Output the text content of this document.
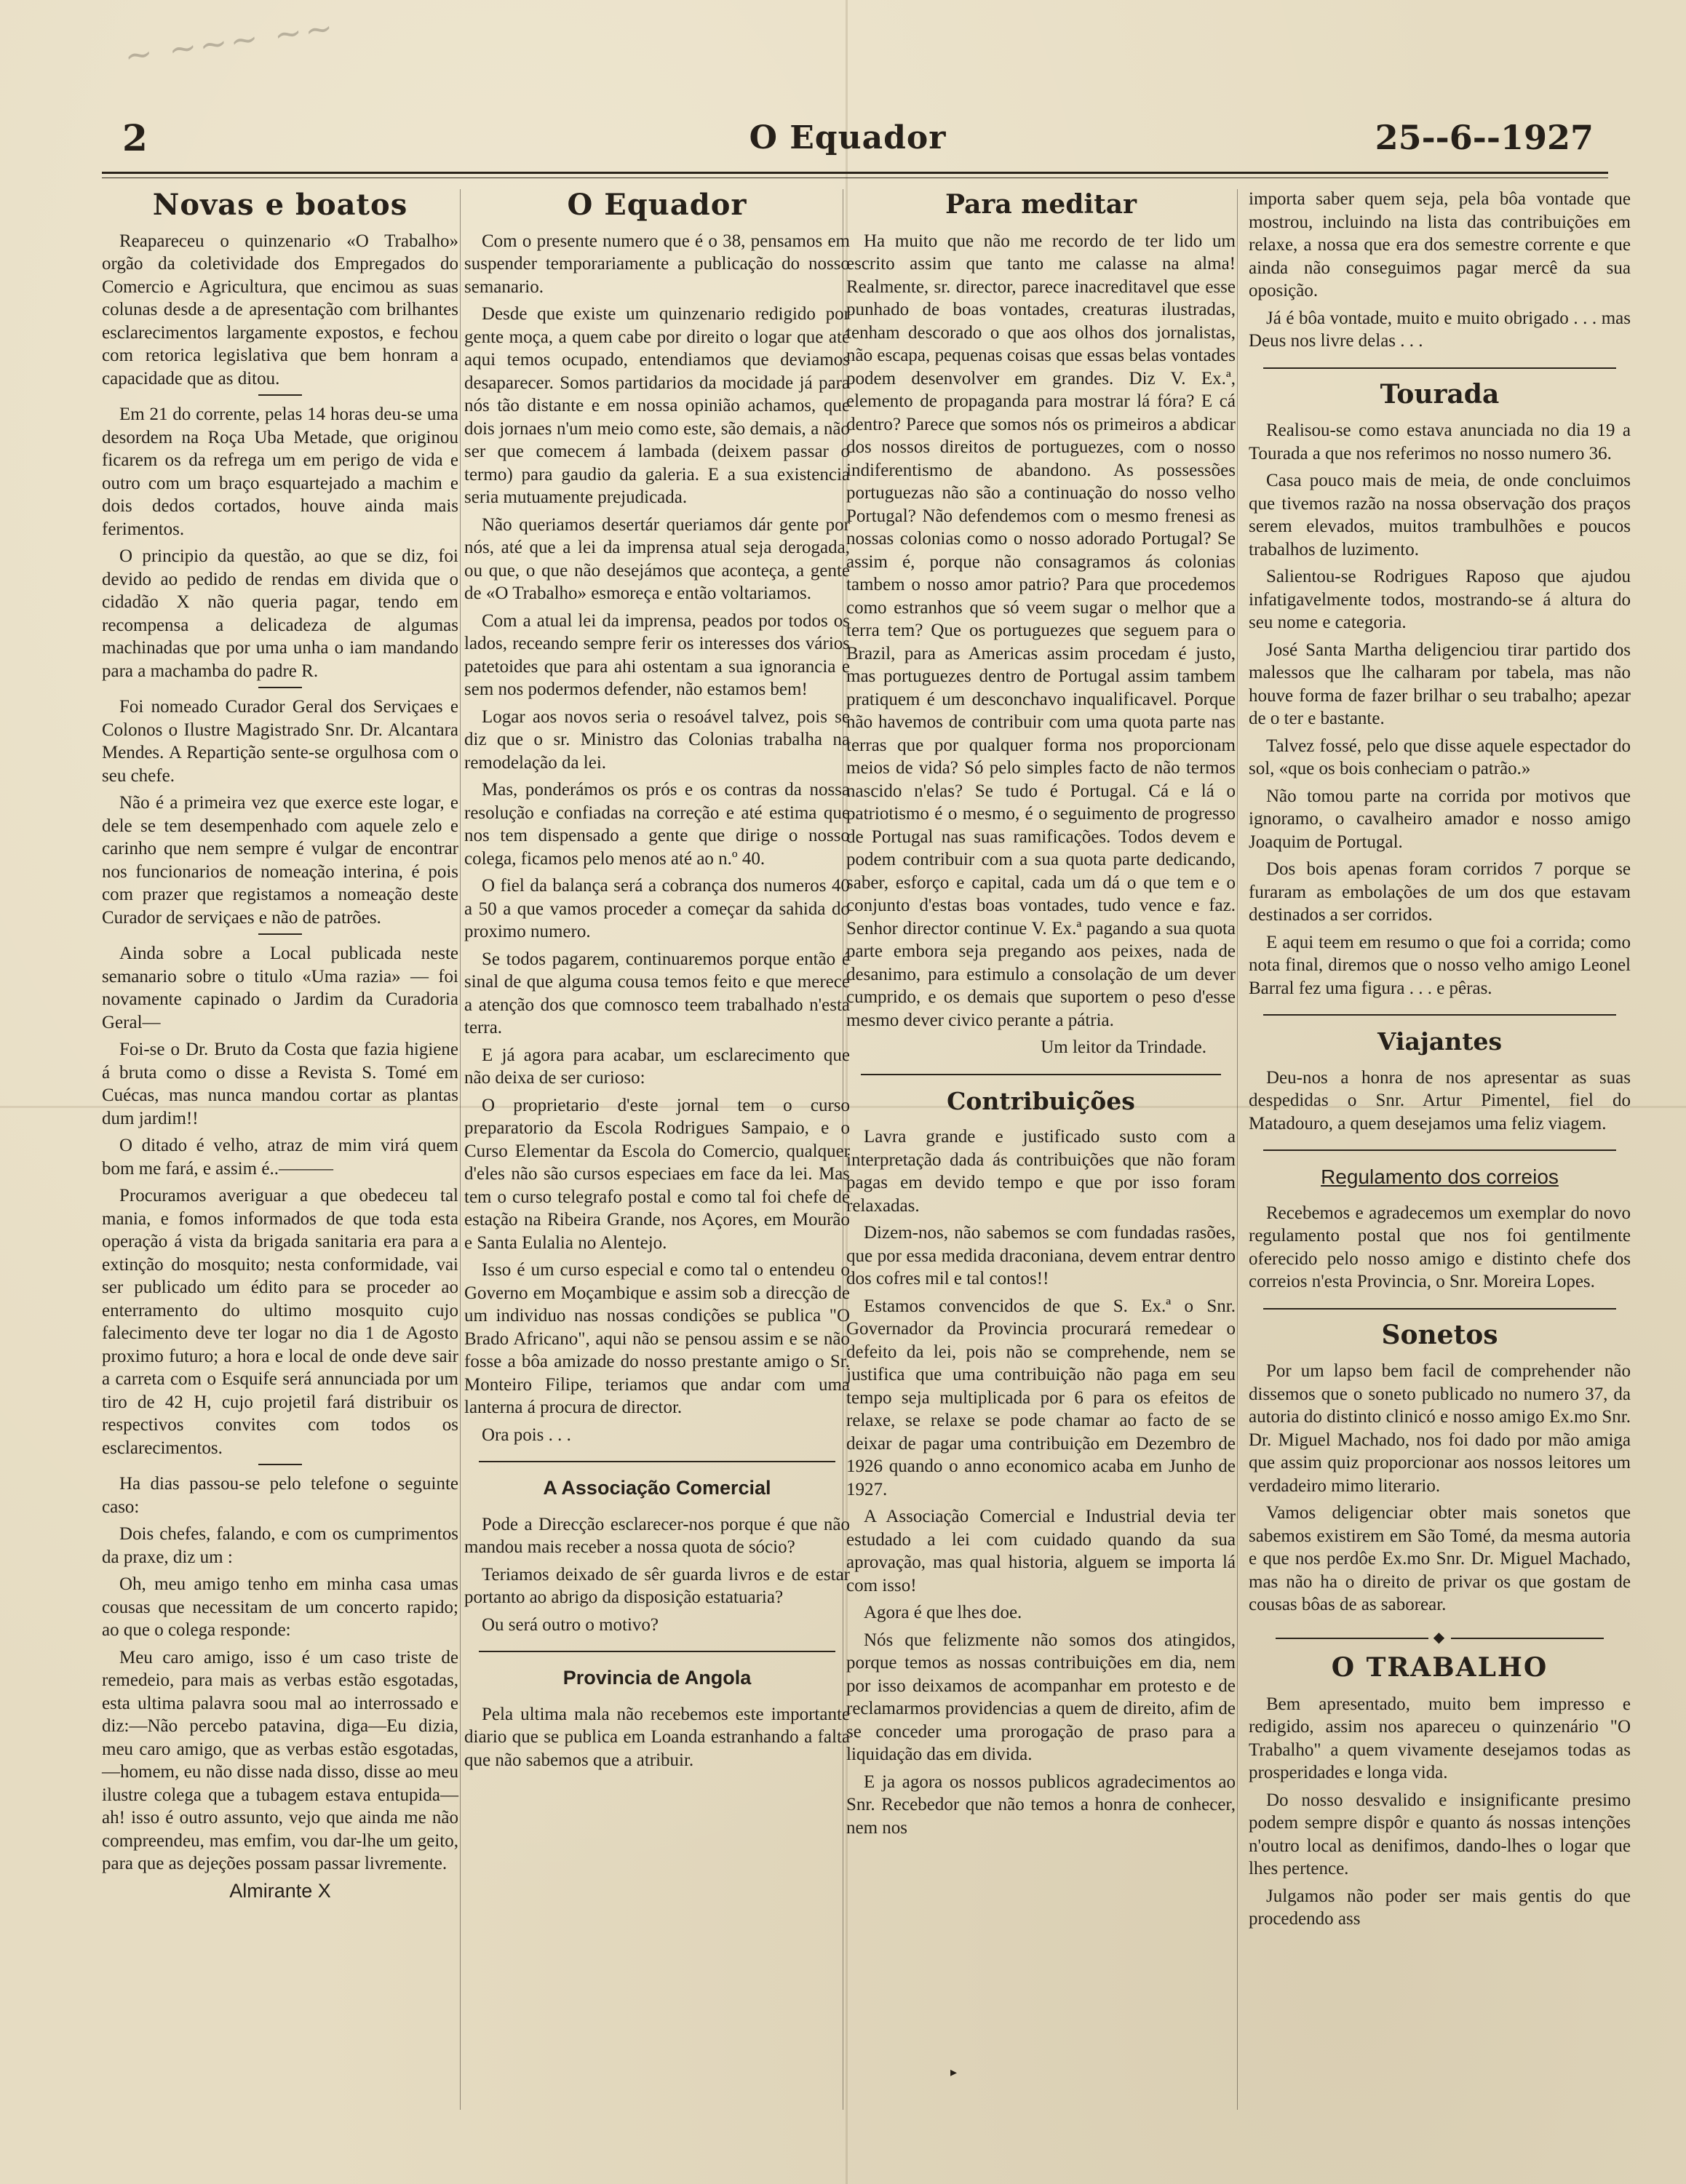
~ ~~~ ~~
2	O Equador	25--6--1927
Novas e boatos

Reapareceu o quinzenario «O Trabalho» orgão da coletividade dos Empregados do Comercio e Agricultura, que encimou as suas colunas desde a de apresentação com brilhantes esclarecimentos largamente expostos, e fechou com retorica legislativa que bem honram a capacidade que as ditou.

Em 21 do corrente, pelas 14 horas deu-se uma desordem na Roça Uba Metade, que originou ficarem os da refrega um em perigo de vida e outro com um braço esquartejado a machim e dois dedos cortados, houve ainda mais ferimentos.

O principio da questão, ao que se diz, foi devido ao pedido de rendas em divida que o cidadão X não queria pagar, tendo em recompensa a delicadeza de algumas machinadas que por uma unha o iam mandando para a machamba do padre R.

Foi nomeado Curador Geral dos Serviçaes e Colonos o Ilustre Magistrado Snr. Dr. Alcantara Mendes. A Repartição sente-se orgulhosa com o seu chefe.

Não é a primeira vez que exerce este logar, e dele se tem desempenhado com aquele zelo e carinho que nem sempre é vulgar de encontrar nos funcionarios de nomeação interina, é pois com prazer que registamos a nomeação deste Curador de serviçaes e não de patrões.

Ainda sobre a Local publicada neste semanario sobre o titulo «Uma razia» — foi novamente capinado o Jardim da Curadoria Geral—

Foi-se o Dr. Bruto da Costa que fazia higiene á bruta como o disse a Revista S. Tomé em Cuécas, mas nunca mandou cortar as plantas dum jardim!!

O ditado é velho, atraz de mim virá quem bom me fará, e assim é..———

Procuramos averiguar a que obedeceu tal mania, e fomos informados de que toda esta operação á vista da brigada sanitaria era para a extinção do mosquito; nesta conformidade, vai ser publicado um édito para se proceder ao enterramento do ultimo mosquito cujo falecimento deve ter logar no dia 1 de Agosto proximo futuro; a hora e local de onde deve sair a carreta com o Esquife será annunciada por um tiro de 42 H, cujo projetil fará distribuir os respectivos convites com todos os esclarecimentos.

Ha dias passou-se pelo telefone o seguinte caso:

Dois chefes, falando, e com os cumprimentos da praxe, diz um :

Oh, meu amigo tenho em minha casa umas cousas que necessitam de um concerto rapido; ao que o colega responde:

Meu caro amigo, isso é um caso triste de remedeio, para mais as verbas estão esgotadas, esta ultima palavra soou mal ao interrossado e diz:—Não percebo patavina, diga—Eu dizia, meu caro amigo, que as verbas estão esgotadas,—homem, eu não disse nada disso, disse ao meu ilustre colega que a tubagem estava entupida—ah! isso é outro assunto, vejo que ainda me não compreendeu, mas emfim, vou dar-lhe um geito, para que as dejeções possam passar livremente.

Almirante X

O Equador

Com o presente numero que é o 38, pensamos em suspender temporariamente a publicação do nosso semanario.

Desde que existe um quinzenario redigido por gente moça, a quem cabe por direito o logar que até aqui temos ocupado, entendiamos que deviamos desaparecer. Somos partidarios da mocidade já para nós tão distante e em nossa opinião achamos, que dois jornaes n'um meio como este, são demais, a não ser que comecem á lambada (deixem passar o termo) para gaudio da galeria. E a sua existencia seria mutuamente prejudicada.

Não queriamos desertár queriamos dár gente por nós, até que a lei da imprensa atual seja derogada, ou que, o que não desejámos que aconteça, a gente de «O Trabalho» esmoreça e então voltariamos.

Com a atual lei da imprensa, peados por todos os lados, receando sempre ferir os interesses dos vários patetoides que para ahi ostentam a sua ignorancia e sem nos podermos defender, não estamos bem!

Logar aos novos seria o resoável talvez, pois se diz que o sr. Ministro das Colonias trabalha na remodelação da lei.

Mas, ponderámos os prós e os contras da nossa resolução e confiadas na correção e até estima que nos tem dispensado a gente que dirige o nosso colega, ficamos pelo menos até ao n.º 40.

O fiel da balança será a cobrança dos numeros 40 a 50 a que vamos proceder a começar da sahida do proximo numero.

Se todos pagarem, continuaremos porque então é sinal de que alguma cousa temos feito e que merece a atenção dos que comnosco teem trabalhado n'esta terra.

E já agora para acabar, um esclarecimento que não deixa de ser curioso:

O proprietario d'este jornal tem o curso preparatorio da Escola Rodrigues Sampaio, e o Curso Elementar da Escola do Comercio, qualquer d'eles não são cursos especiaes em face da lei. Mas tem o curso telegrafo postal e como tal foi chefe de estação na Ribeira Grande, nos Açores, em Mourão e Santa Eulalia no Alentejo.

Isso é um curso especial e como tal o entendeu o Governo em Moçambique e assim sob a direcção de um individuo nas nossas condições se publica "O Brado Africano", aqui não se pensou assim e se não fosse a bôa amizade do nosso prestante amigo o Sr. Monteiro Filipe, teriamos que andar com uma lanterna á procura de director.

Ora pois . . .

A Associação Comercial

Pode a Direcção esclarecer-nos porque é que não mandou mais receber a nossa quota de sócio?

Teriamos deixado de sêr guarda livros e de estar portanto ao abrigo da disposição estatuaria?

Ou será outro o motivo?

Provincia de Angola

Pela ultima mala não recebemos este importante diario que se publica em Loanda estranhando a falta que não sabemos que a atribuir.

Para meditar

Ha muito que não me recordo de ter lido um escrito assim que tanto me calasse na alma! Realmente, sr. director, parece inacreditavel que esse punhado de boas vontades, creaturas ilustradas, tenham descorado o que aos olhos dos jornalistas, não escapa, pequenas coisas que essas belas vontades podem desenvolver em grandes. Diz V. Ex.ª, elemento de propaganda para mostrar lá fóra? E cá dentro? Parece que somos nós os primeiros a abdicar dos nossos direitos de portuguezes, com o nosso indiferentismo de abandono. As possessões portuguezas não são a continuação do nosso velho Portugal? Não defendemos com o mesmo frenesi as nossas colonias como o nosso adorado Portugal? Se assim é, porque não consagramos ás colonias tambem o nosso amor patrio? Para que procedemos como estranhos que só veem sugar o melhor que a terra tem? Que os portuguezes que seguem para o Brazil, para as Americas assim procedam é justo, mas portuguezes dentro de Portugal assim tambem pratiquem é um desconchavo inqualificavel. Porque não havemos de contribuir com uma quota parte nas terras que por qualquer forma nos proporcionam meios de vida? Só pelo simples facto de não termos nascido n'elas? Se tudo é Portugal. Cá e lá o patriotismo é o mesmo, é o seguimento de progresso de Portugal nas suas ramificações. Todos devem e podem contribuir com a sua quota parte dedicando, saber, esforço e capital, cada um dá o que tem e o conjunto d'estas boas vontades, tudo vence e faz. Senhor director continue V. Ex.ª pagando a sua quota parte embora seja pregando aos peixes, nada de desanimo, para estimulo a consolação de um dever cumprido, e os demais que suportem o peso d'esse mesmo dever civico perante a pátria.

Um leitor da Trindade.

Contribuições

Lavra grande e justificado susto com a interpretação dada ás contribuições que não foram pagas em devido tempo e que por isso foram relaxadas.

Dizem-nos, não sabemos se com fundadas rasões, que por essa medida draconiana, devem entrar dentro dos cofres mil e tal contos!!

Estamos convencidos de que S. Ex.ª o Snr. Governador da Provincia procurará remedear o defeito da lei, pois não se comprehende, nem se justifica que uma contribuição não paga em seu tempo seja multiplicada por 6 para os efeitos de relaxe, se relaxe se pode chamar ao facto de se deixar de pagar uma contribuição em Dezembro de 1926 quando o anno economico acaba em Junho de 1927.

A Associação Comercial e Industrial devia ter estudado a lei com cuidado quando da sua aprovação, mas qual historia, alguem se importa lá com isso!

Agora é que lhes doe.

Nós que felizmente não somos dos atingidos, porque temos as nossas contribuições em dia, nem por isso deixamos de acompanhar em protesto e de reclamarmos providencias a quem de direito, afim de se conceder uma prorogação de praso para a liquidação das em divida.

E ja agora os nossos publicos agradecimentos ao Snr. Recebedor que não temos a honra de conhecer, nem nos

importa saber quem seja, pela bôa vontade que mostrou, incluindo na lista das contribuições em relaxe, a nossa que era dos semestre corrente e que ainda não conseguimos pagar mercê da sua oposição.

Já é bôa vontade, muito e muito obrigado . . . mas Deus nos livre delas . . .

Tourada

Realisou-se como estava anunciada no dia 19 a Tourada a que nos referimos no nosso numero 36.

Casa pouco mais de meia, de onde concluimos que tivemos razão na nossa observação dos praços serem elevados, muitos trambulhões e poucos trabalhos de luzimento.

Salientou-se Rodrigues Raposo que ajudou infatigavelmente todos, mostrando-se á altura do seu nome e categoria.

José Santa Martha deligenciou tirar partido dos malessos que lhe calharam por tabela, mas não houve forma de fazer brilhar o seu trabalho; apezar de o ter e bastante.

Talvez fossé, pelo que disse aquele espectador do sol, «que os bois conheciam o patrão.»

Não tomou parte na corrida por motivos que ignoramo, o cavalheiro amador e nosso amigo Joaquim de Portugal.

Dos bois apenas foram corridos 7 porque se furaram as embolações de um dos que estavam destinados a ser corridos.

E aqui teem em resumo o que foi a corrida; como nota final, diremos que o nosso velho amigo Leonel Barral fez uma figura . . . e pêras.

Viajantes

Deu-nos a honra de nos apresentar as suas despedidas o Snr. Artur Pimentel, fiel do Matadouro, a quem desejamos uma feliz viagem.

Regulamento dos correios

Recebemos e agradecemos um exemplar do novo regulamento postal que nos foi gentilmente oferecido pelo nosso amigo e distinto chefe dos correios n'esta Provincia, o Snr. Moreira Lopes.

Sonetos

Por um lapso bem facil de comprehender não dissemos que o soneto publicado no numero 37, da autoria do distinto clinicó e nosso amigo Ex.mo Snr. Dr. Miguel Machado, nos foi dado por mão amiga que assim quiz proporcionar aos nossos leitores um verdadeiro mimo literario.

Vamos deligenciar obter mais sonetos que sabemos existirem em São Tomé, da mesma autoria e que nos perdôe Ex.mo Snr. Dr. Miguel Machado, mas não ha o direito de privar os que gostam de cousas bôas de as saborear.

◆
O TRABALHO

Bem apresentado, muito bem impresso e redigido, assim nos apareceu o quinzenário "O Trabalho" a quem vivamente desejamos todas as prosperidades e longa vida.

Do nosso desvalido e insignificante presimo podem sempre dispôr e quanto ás nossas intenções n'outro local as denifimos, dando-lhes o logar que lhes pertence.

Julgamos não poder ser mais gentis do que procedendo ass

▸
